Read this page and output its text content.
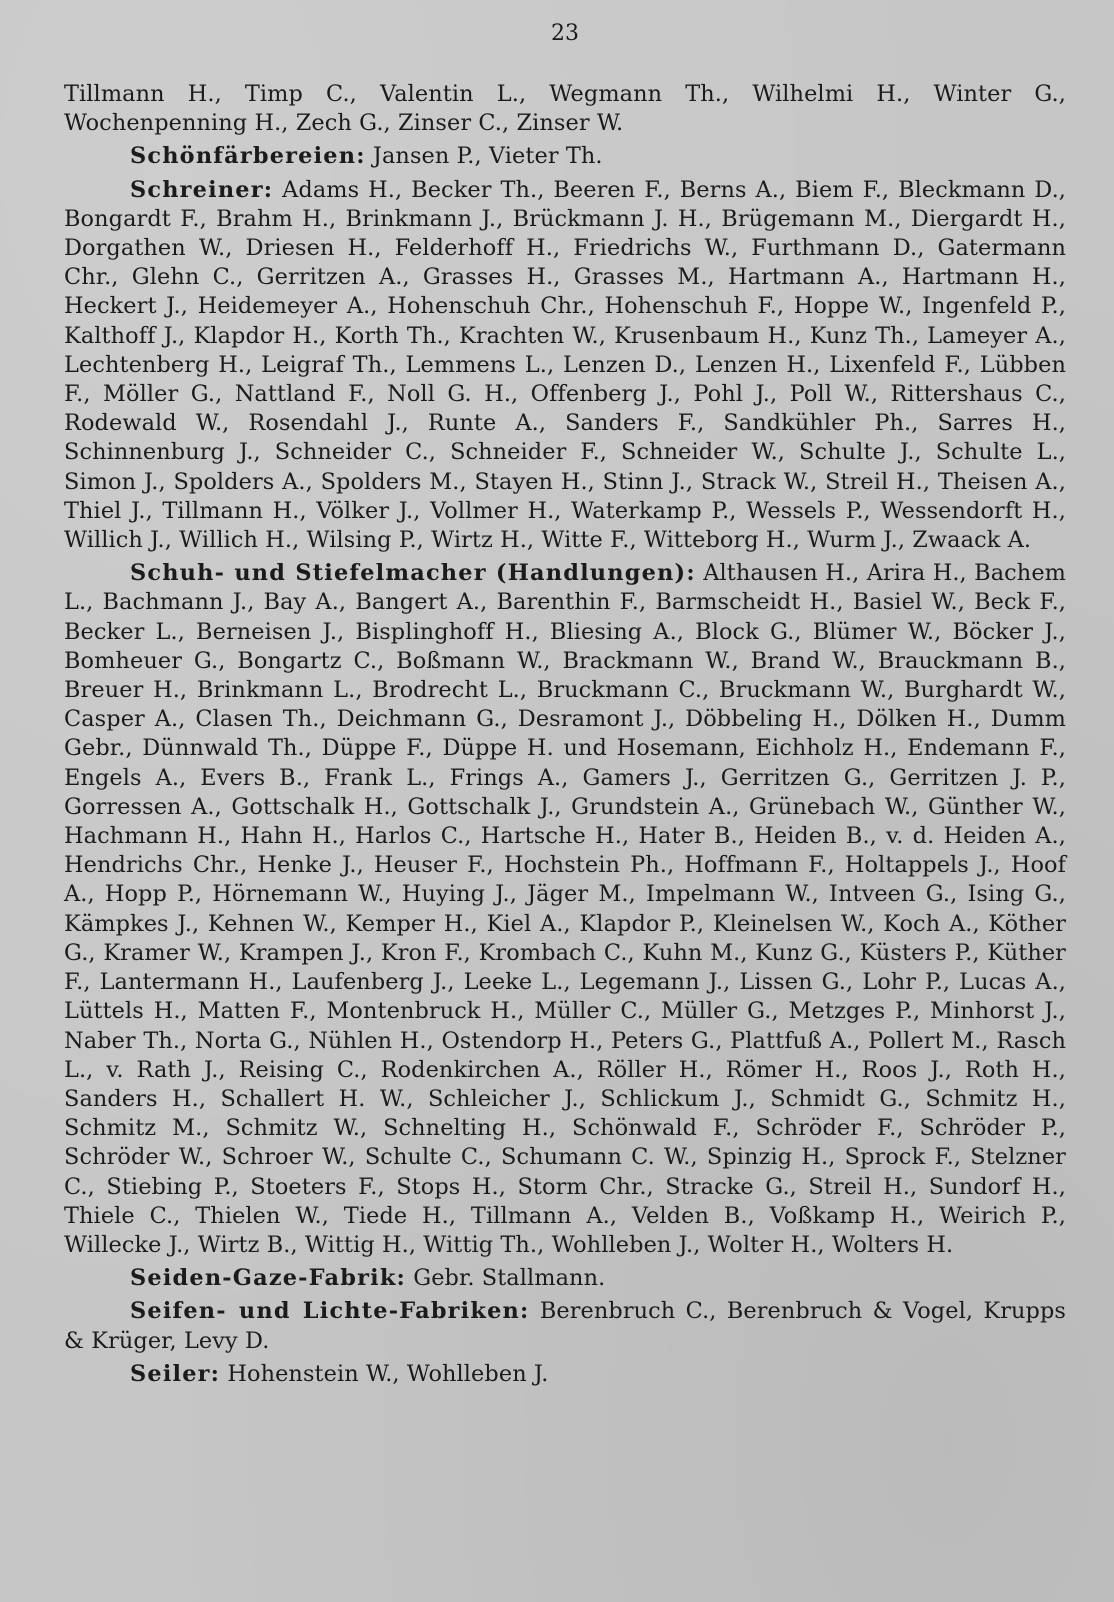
23

Tillmann H., Timp C., Valentin L., Wegmann Th., Wilhelmi H., Winter G., Wochenpenning H., Zech G., Zinser C., Zinser W.

Schönfärbereien: Jansen P., Vieter Th.

Schreiner: Adams H., Becker Th., Beeren F., Berns A., Biem F., Bleckmann D., Bongardt F., Brahm H., Brinkmann J., Brückmann J. H., Brügemann M., Diergardt H., Dorgathen W., Driesen H., Felderhoff H., Friedrichs W., Furthmann D., Gatermann Chr., Glehn C., Gerritzen A., Grasses H., Grasses M., Hartmann A., Hartmann H., Heckert J., Heidemeyer A., Hohenschuh Chr., Hohenschuh F., Hoppe W., Ingenfeld P., Kalthoff J., Klapdor H., Korth Th., Krachten W., Krusenbaum H., Kunz Th., Lameyer A., Lechtenberg H., Leigraf Th., Lemmens L., Lenzen D., Lenzen H., Lixenfeld F., Lübben F., Möller G., Nattland F., Noll G. H., Offenberg J., Pohl J., Poll W., Rittershaus C., Rodewald W., Rosendahl J., Runte A., Sanders F., Sandkühler Ph., Sarres H., Schinnenburg J., Schneider C., Schneider F., Schneider W., Schulte J., Schulte L., Simon J., Spolders A., Spolders M., Stayen H., Stinn J., Strack W., Streil H., Theisen A., Thiel J., Tillmann H., Völker J., Vollmer H., Waterkamp P., Wessels P., Wessendorft H., Willich J., Willich H., Wilsing P., Wirtz H., Witte F., Witteborg H., Wurm J., Zwaack A.

Schuh- und Stiefelmacher (Handlungen): Althausen H., Arira H., Bachem L., Bachmann J., Bay A., Bangert A., Barenthin F., Barmscheidt H., Basiel W., Beck F., Becker L., Berneisen J., Bisplinghoff H., Bliesing A., Block G., Blümer W., Böcker J., Bomheuer G., Bongartz C., Boßmann W., Brackmann W., Brand W., Brauckmann B., Breuer H., Brinkmann L., Brodrecht L., Bruckmann C., Bruckmann W., Burghardt W., Casper A., Clasen Th., Deichmann G., Desramont J., Döbbeling H., Dölken H., Dumm Gebr., Dünnwald Th., Düppe F., Düppe H. und Hosemann, Eichholz H., Endemann F., Engels A., Evers B., Frank L., Frings A., Gamers J., Gerritzen G., Gerritzen J. P., Gorressen A., Gottschalk H., Gottschalk J., Grundstein A., Grünebach W., Günther W., Hachmann H., Hahn H., Harlos C., Hartsche H., Hater B., Heiden B., v. d. Heiden A., Hendrichs Chr., Henke J., Heuser F., Hochstein Ph., Hoffmann F., Holtappels J., Hoof A., Hopp P., Hörnemann W., Huying J., Jäger M., Impelmann W., Intveen G., Ising G., Kämpkes J., Kehnen W., Kemper H., Kiel A., Klapdor P., Kleinelsen W., Koch A., Köther G., Kramer W., Krampen J., Kron F., Krombach C., Kuhn M., Kunz G., Küsters P., Küther F., Lantermann H., Laufenberg J., Leeke L., Legemann J., Lissen G., Lohr P., Lucas A., Lüttels H., Matten F., Montenbruck H., Müller C., Müller G., Metzges P., Minhorst J., Naber Th., Norta G., Nühlen H., Ostendorp H., Peters G., Plattfuß A., Pollert M., Rasch L., v. Rath J., Reising C., Rodenkirchen A., Röller H., Römer H., Roos J., Roth H., Sanders H., Schallert H. W., Schleicher J., Schlickum J., Schmidt G., Schmitz H., Schmitz M., Schmitz W., Schnelting H., Schönwald F., Schröder F., Schröder P., Schröder W., Schroer W., Schulte C., Schumann C. W., Spinzig H., Sprock F., Stelzner C., Stiebing P., Stoeters F., Stops H., Storm Chr., Stracke G., Streil H., Sundorf H., Thiele C., Thielen W., Tiede H., Tillmann A., Velden B., Voßkamp H., Weirich P., Willecke J., Wirtz B., Wittig H., Wittig Th., Wohlleben J., Wolter H., Wolters H.

Seiden-Gaze-Fabrik: Gebr. Stallmann.

Seifen- und Lichte-Fabriken: Berenbruch C., Berenbruch & Vogel, Krupps & Krüger, Levy D.

Seiler: Hohenstein W., Wohlleben J.
